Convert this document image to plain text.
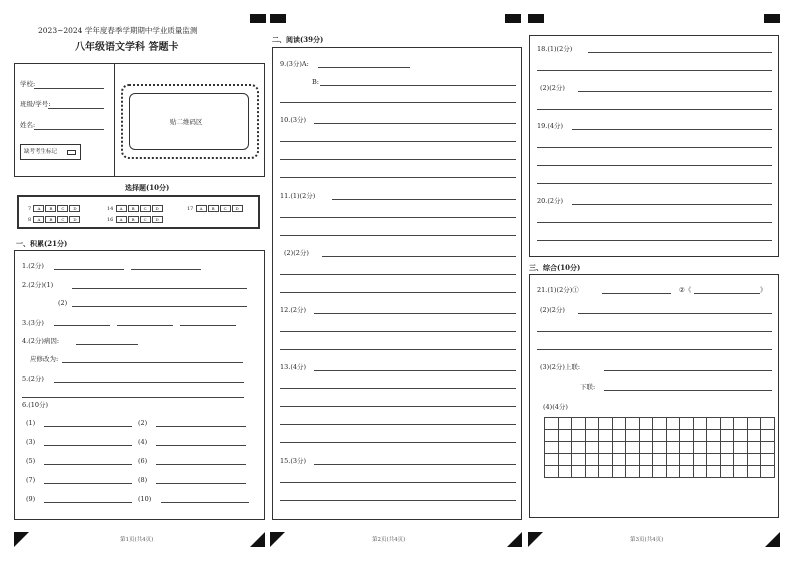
2023~2024 学年度春季学期期中学业质量监测
八年级语文学科 答题卡
学校:
班级/学号:
姓名:
缺考考生标记
贴二维码区
选择题(10分)
7 A B C D	14 A B C D	17 A B C D
8 A B C D	16 A B C D
一、积累(21分)
1.(2分)
2.(2分)(1)
(2)
3.(3分)
4.(2分)病因:
应修改为:
5.(2分)
6.(10分)
(1)	(2)
(3)	(4)
(5)	(6)
(7)	(8)
(9)	(10)
第1页(共4页)
二、阅读(39分)
9.(3分)A:
B:
10.(3分)
11.(1)(2分)
(2)(2分)
12.(2分)
13.(4分)
15.(3分)
第2页(共4页)
18.(1)(2分)
(2)(2分)
19.(4分)
20.(2分)
三、综合(10分)
21.(1)(2分)①	②《	》
(2)(2分)
(3)(2分)上联:
下联:
(4)(4分)

第3页(共4页)
